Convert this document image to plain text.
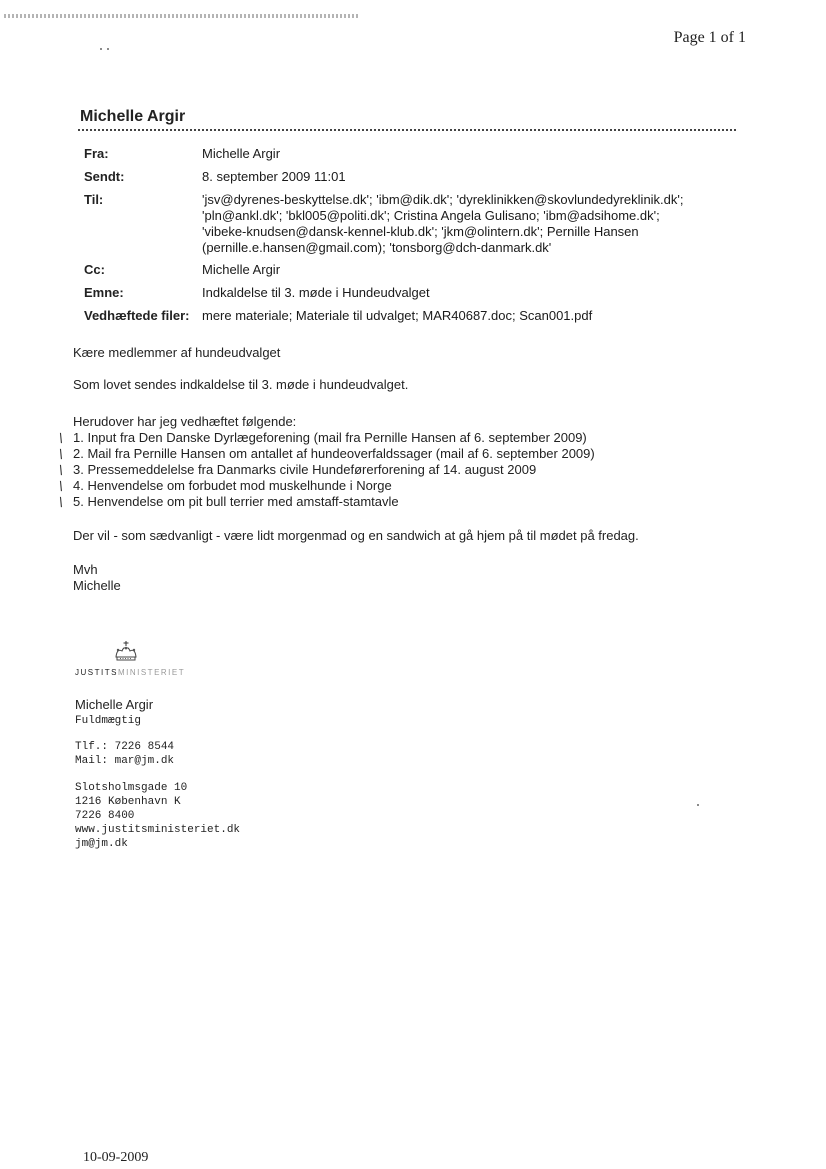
Page 1 of 1
Michelle Argir
Fra:	Michelle Argir
Sendt:	8. september 2009 11:01
Til:	'jsv@dyrenes-beskyttelse.dk'; 'ibm@dik.dk'; 'dyreklinikken@skovlundedyreklinik.dk';
'pln@ankl.dk'; 'bkl005@politi.dk'; Cristina Angela Gulisano; 'ibm@adsihome.dk';
'vibeke-knudsen@dansk-kennel-klub.dk'; 'jkm@olintern.dk'; Pernille Hansen
(pernille.e.hansen@gmail.com); 'tonsborg@dch-danmark.dk'

Cc:	Michelle Argir
Emne:	Indkaldelse til 3. møde i Hundeudvalget
Vedhæftede filer:	mere materiale; Materiale til udvalget; MAR40687.doc; Scan001.pdf

Kære medlemmer af hundeudvalget

Som lovet sendes indkaldelse til 3. møde i hundeudvalget.

Herudover har jeg vedhæftet følgende:

\ 1. Input fra Den Danske Dyrlægeforening (mail fra Pernille Hansen af 6. september 2009)
\ 2. Mail fra Pernille Hansen om antallet af hundeoverfaldssager (mail af 6. september 2009)
\ 3. Pressemeddelelse fra Danmarks civile Hundeførerforening af 14. august 2009
\ 4. Henvendelse om forbudet mod muskelhunde i Norge
\ 5. Henvendelse om pit bull terrier med amstaff-stamtavle

Der vil - som sædvanligt - være lidt morgenmad og en sandwich at gå hjem på til mødet på fredag.

Mvh

Michelle

JUSTITSMINISTERIET
Michelle Argir
Fuldmægtig
Tlf.: 7226 8544
Mail: mar@jm.dk
Slotsholmsgade 10
1216 København K
7226 8400
www.justitsministeriet.dk
jm@jm.dk
10-09-2009
